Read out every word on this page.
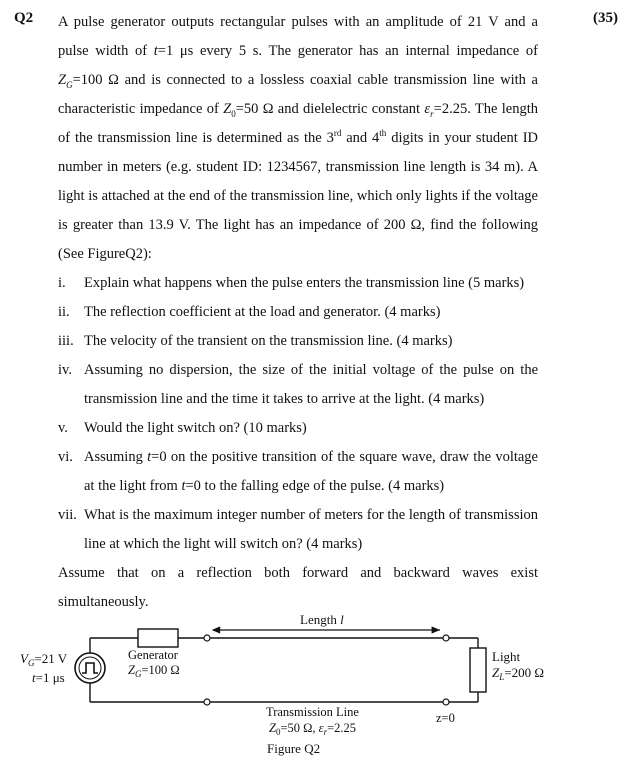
Q2	(35)

A pulse generator outputs rectangular pulses with an amplitude of 21 V and a pulse width of t=1 μs every 5 s. The generator has an internal impedance of $Z_G=100$ Ω and is connected to a lossless coaxial cable transmission line with a characteristic impedance of $Z_0=50$ Ω and dielelectric constant $\varepsilon_r=2.25$. The length of the transmission line is determined as the 3rd and 4th digits in your student ID number in meters (e.g. student ID: 1234567, transmission line length is 34 m). A light is attached at the end of the transmission line, which only lights if the voltage is greater than 13.9 V. The light has an impedance of 200 Ω, find the following (See FigureQ2):

i. Explain what happens when the pulse enters the transmission line (5 marks)
ii. The reflection coefficient at the load and generator. (4 marks)
iii. The velocity of the transient on the transmission line. (4 marks)
iv. Assuming no dispersion, the size of the initial voltage of the pulse on the transmission line and the time it takes to arrive at the light. (4 marks)
v. Would the light switch on? (10 marks)
vi. Assuming t=0 on the positive transition of the square wave, draw the voltage at the light from t=0 to the falling edge of the pulse. (4 marks)
vii. What is the maximum integer number of meters for the length of transmission line at which the light will switch on? (4 marks)

Assume that on a reflection both forward and backward waves exist simultaneously.

Length l
$V_G=21$ V
t=1 μs
Generator
$Z_G=100$ Ω
Light
$Z_L=200$ Ω
Transmission Line
$Z_0=50$ Ω, $\varepsilon_r=2.25$
z=0
Figure Q2
